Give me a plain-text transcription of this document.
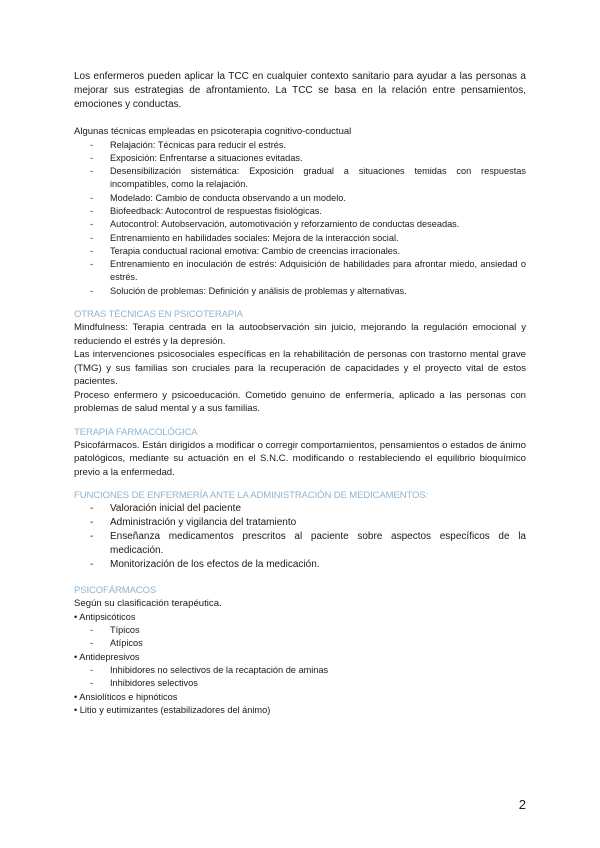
Los enfermeros pueden aplicar la TCC en cualquier contexto sanitario para ayudar a las personas a mejorar sus estrategias de afrontamiento. La TCC se basa en la relación entre pensamientos, emociones y conductas.

Algunas técnicas empleadas en psicoterapia cognitivo-conductual

- Relajación: Técnicas para reducir el estrés.
- Exposición: Enfrentarse a situaciones evitadas.
- Desensibilización sistemática: Exposición gradual a situaciones temidas con respuestas incompatibles, como la relajación.
- Modelado: Cambio de conducta observando a un modelo.
- Biofeedback: Autocontrol de respuestas fisiológicas.
- Autocontrol: Autobservación, automotivación y reforzamiento de conductas deseadas.
- Entrenamiento en habilidades sociales: Mejora de la interacción social.
- Terapia conductual racional emotiva: Cambio de creencias irracionales.
- Entrenamiento en inoculación de estrés: Adquisición de habilidades para afrontar miedo, ansiedad o estrés.
- Solución de problemas: Definición y análisis de problemas y alternativas.
OTRAS TÉCNICAS EN PSICOTERAPIA

Mindfulness: Terapia centrada en la autoobservación sin juicio, mejorando la regulación emocional y reduciendo el estrés y la depresión.

Las intervenciones psicosociales específicas en la rehabilitación de personas con trastorno mental grave (TMG) y sus familias son cruciales para la recuperación de capacidades y el proyecto vital de estos pacientes.

Proceso enfermero y psicoeducación. Cometido genuino de enfermería, aplicado a las personas con problemas de salud mental y a sus familias.

TERAPIA FARMACOLÓGICA

Psicofármacos. Están dirigidos a modificar o corregir comportamientos, pensamientos o estados de ánimo patológicos, mediante su actuación en el S.N.C. modificando o restableciendo el equilibrio bioquímico previo a la enfermedad.

FUNCIONES DE ENFERMERÍA ANTE LA ADMINISTRACIÓN DE MEDICAMENTOS:
- Valoración inicial del paciente
- Administración y vigilancia del tratamiento
- Enseñanza medicamentos prescritos al paciente sobre aspectos específicos de la medicación.
- Monitorización de los efectos de la medicación.
PSICOFÁRMACOS

Según su clasificación terapéutica.

• Antipsicóticos
- Típicos
- Atípicos
• Antidepresivos
- Inhibidores no selectivos de la recaptación de aminas
- Inhibidores selectivos
• Ansiolíticos e hipnóticos
• Litio y eutimizantes (estabilizadores del ánimo)
2
